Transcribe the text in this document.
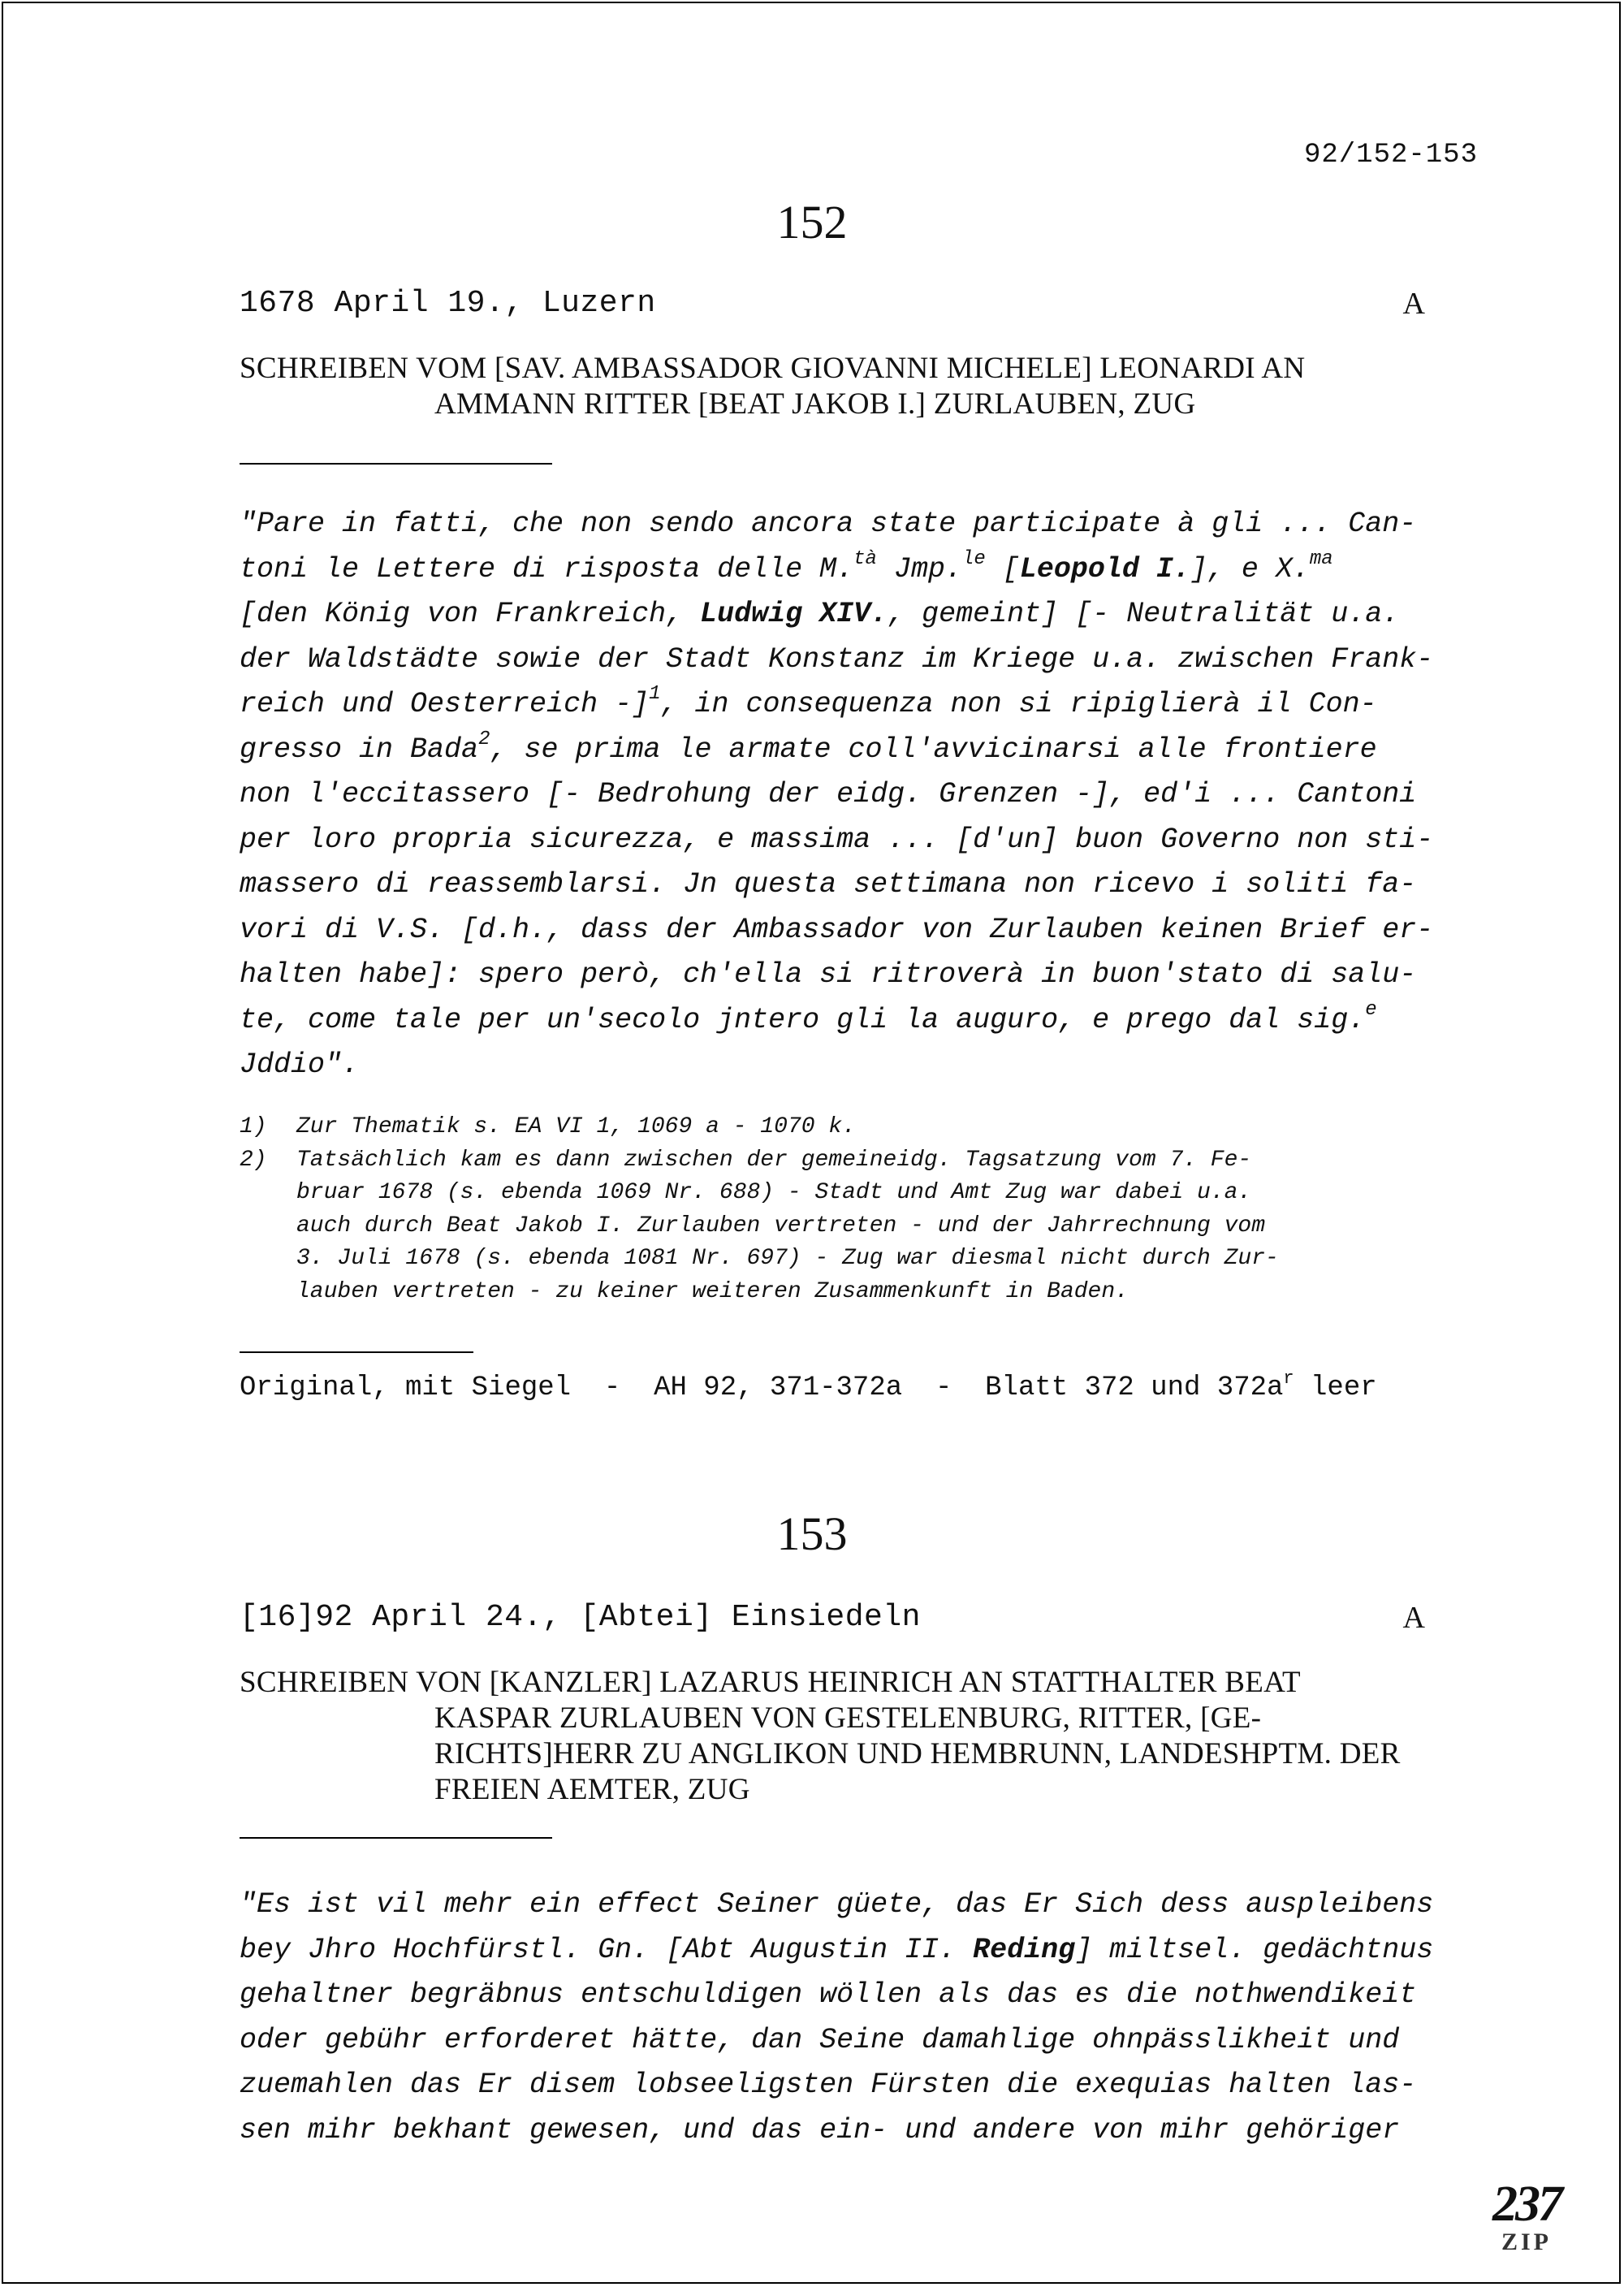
92/152-153
152
1678 April 19., Luzern	A
SCHREIBEN VOM [SAV. AMBASSADOR GIOVANNI MICHELE] LEONARDI AN
AMMANN RITTER [BEAT JAKOB I.] ZURLAUBEN, ZUG
"Pare in fatti, che non sendo ancora state participate à gli ... Can-
toni le Lettere di risposta delle M.$^{tà}$ Jmp.$^{le}$ [Leopold I.], e X.$^{ma}$
[den König von Frankreich, Ludwig XIV., gemeint] [- Neutralität u.a.
der Waldstädte sowie der Stadt Konstanz im Kriege u.a. zwischen Frank-
reich und Oesterreich -]$^1$, in consequenza non si ripiglierà il Con-
gresso in Bada$^2$, se prima le armate coll'avvicinarsi alle frontiere
non l'eccitassero [- Bedrohung der eidg. Grenzen -], ed'i ... Cantoni
per loro propria sicurezza, e massima ... [d'un] buon Governo non sti-
massero di reassemblarsi. Jn questa settimana non ricevo i soliti fa-
vori di V.S. [d.h., dass der Ambassador von Zurlauben keinen Brief er-
halten habe]: spero però, ch'ella si ritroverà in buon'stato di salu-
te, come tale per un'secolo jntero gli la auguro, e prego dal sig.$^e$
Jddio".
1)	Zur Thematik s. EA VI 1, 1069 a - 1070 k.
2)	Tatsächlich kam es dann zwischen der gemeineidg. Tagsatzung vom 7. Fe-
bruar 1678 (s. ebenda 1069 Nr. 688) - Stadt und Amt Zug war dabei u.a.
auch durch Beat Jakob I. Zurlauben vertreten - und der Jahrrechnung vom
3. Juli 1678 (s. ebenda 1081 Nr. 697) - Zug war diesmal nicht durch Zur-
lauben vertreten - zu keiner weiteren Zusammenkunft in Baden.
Original, mit Siegel  -  AH 92, 371-372a  -  Blatt 372 und $372a^r$ leer
153
[16]92 April 24., [Abtei] Einsiedeln	A
SCHREIBEN VON [KANZLER] LAZARUS HEINRICH AN STATTHALTER BEAT
KASPAR ZURLAUBEN VON GESTELENBURG, RITTER, [GE-
RICHTS]HERR ZU ANGLIKON UND HEMBRUNN, LANDESHPTM. DER
FREIEN AEMTER, ZUG
"Es ist vil mehr ein effect Seiner güete, das Er Sich dess auspleibens
bey Jhro Hochfürstl. Gn. [Abt Augustin II. Reding] miltsel. gedächtnus
gehaltner begräbnus entschuldigen wöllen als das es die nothwendikeit
oder gebühr erforderet hätte, dan Seine damahlige ohnpässlikheit und
zuemahlen das Er disem lobseeligsten Fürsten die exequias halten las-
sen mihr bekhant gewesen, und das ein- und andere von mihr gehöriger
237
ZIP
